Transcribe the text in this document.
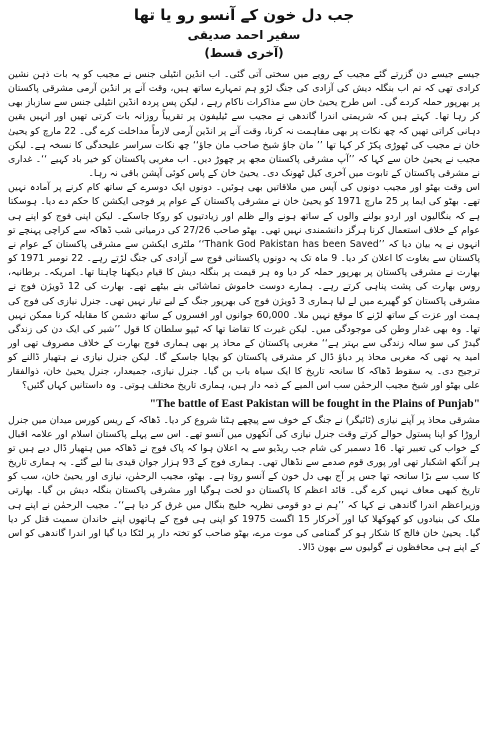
جب دل خون کے آنسو رو یا تھا
سفیر احمد صدیقی
(آخری قسط)

جیسے جیسے دن گزرتے گئے مجیب کے رویے میں سختی آتی گئی۔ اب انڈین انٹیلی جنس نے مجیب کو یہ بات ذہن نشین کرادی تھی کہ تم اب بنگلہ دیش کی آزادی کی جنگ لڑو ہم تمہارے ساتھ ہیں، وقت آنے پر انڈین آرمی مشرقی پاکستان پر بھرپور حملہ کردے گی۔ اس طرح یحییٰ خان سے مذاکرات ناکام رہے ، لیکن پس پردہ انڈین انٹیلی جنس سے سازباز بھی کر رہا تھا۔ کہتے ہیں کہ شریمتی اندرا گاندھی نے مجیب سے ٹیلیفون پر تقریباً روزانہ بات کرتی تھیں اور انہیں یقین دہانی کراتی تھیں کہ چھ نکات پر بھی مفاہمت نہ کرنا، وقت آنے پر انڈین آرمی لازماً مداخلت کرے گی۔ 22 مارچ کو یحییٰ خان نے مجیب کی ٹھوڑی پکڑ کر کہا تھا ’’ مان جاؤ شیخ صاحب مان جاؤ‘‘ چھ نکات سراسر علیحدگی کا نسخہ ہے۔ لیکن مجیب نے یحییٰ خان سے کہا کہ ’’آپ مشرقی پاکستان مجھ پر چھوڑ دیں۔ اب مغربی پاکستان کو خیر باد کہیے ‘‘۔ غداری نے مشرقی پاکستان کے تابوت میں آخری کیل ٹھونک دی۔ یحییٰ خان کے پاس کوئی آپشن باقی نہ رہا۔

اس وقت بھٹو اور مجیب دونوں کی آپس میں ملاقاتیں بھی ہوئیں۔ دونوں ایک دوسرے کے ساتھ کام کرنے پر آمادہ نہیں تھے۔ بھٹو کی ایما پر 25 مارچ 1971 کو یحییٰ خان نے مشرقی پاکستان کے عوام پر فوجی ایکشن کا حکم دے دیا۔ ہوسکتا ہے کہ بنگالیوں اور اردو بولنے والوں کے ساتھ ہونے والے ظلم اور زیادتیوں کو روکا جاسکے۔ لیکن اپنی فوج کو اپنے ہی عوام کے خلاف استعمال کرنا ہرگز دانشمندی نہیں تھی۔ بھٹو صاحب 27/26 کی درمیانی شب ڈھاکہ سے کراچی پہنچے تو انہوں نے یہ بیان دیا کہ ’’Thank God Pakistan has been Saved‘‘ ملٹری ایکشن سے مشرقی پاکستان کے عوام نے پاکستان سے بغاوت کا اعلان کر دیا۔ 9 ماہ تک یہ دونوں پاکستانی فوج سے آزادی کی جنگ لڑتے رہے۔ 22 نومبر 1971 کو بھارت نے مشرقی پاکستان پر بھرپور حملہ کر دیا وہ ہر قیمت پر بنگلہ دیش کا قیام دیکھنا چاہتا تھا۔ امریکہ۔ برطانیہ، روس بھارت کی پشت پناہی کرتے رہے۔ ہمارے دوست خاموش تماشائی بنے بیٹھے تھے۔ بھارت کی 12 ڈویژن فوج نے مشرقی پاکستان کو گھیرے میں لے لیا ہماری 3 ڈویژن فوج کی بھرپور جنگ کے لیے تیار نہیں تھی۔ جنرل نیازی کی فوج کی ہمت اور عزت کے ساتھ لڑنے کا موقع نہیں ملا۔ 60,000 جوانوں اور افسروں کے ساتھ دشمن کا مقابلہ کرنا ممکن نہیں تھا۔ وہ بھی غدار وطن کی موجودگی میں۔ لیکن غیرت کا تقاضا تھا کہ ٹیپو سلطان کا قول ’’شیر کی ایک دن کی زندگی گیدڑ کی سو سالہ زندگی سے بہتر ہے‘‘ مغربی پاکستان کے محاذ پر بھی ہماری فوج بھارت کے خلاف مصروف تھی اور امید یہ تھی کہ مغربی محاذ پر دباؤ ڈال کر مشرقی پاکستان کو بچایا جاسکے گا۔ لیکن جنرل نیازی نے ہتھیار ڈالنے کو ترجیح دی۔ یہ سقوط ڈھاکہ کا سانحہ تاریخ کا ایک سیاہ باب بن گیا۔ جنرل نیازی، جمیعدار، جنرل یحییٰ خان، ذوالفقار علی بھٹو اور شیخ مجیب الرحمٰن سب اس المیے کے ذمہ دار ہیں، ہماری تاریخ مختلف ہوتی۔ وہ داستانیں کہاں گئیں؟

"The battle of East Pakistan will be fought in the Plains of Punjab"

مشرقی محاذ پر آپنے نیازی (ٹائیگر) نے جنگ کے خوف سے پیچھے ہٹنا شروع کر دیا۔ ڈھاکہ کے ریس کورس میدان میں جنرل اروڑا کو اپنا پستول حوالے کرتے وقت جنرل نیازی کی آنکھوں میں آنسو تھے۔ اس سے پہلے پاکستان اسلام اور علامہ اقبال کے خواب کی تعبیر تھا۔ 16 دسمبر کی شام جب ریڈیو سے یہ اعلان ہوا کہ پاک فوج نے ڈھاکہ میں ہتھیار ڈال دیے ہیں تو ہر آنکھ اشکبار تھی اور پوری قوم صدمے سے نڈھال تھی۔ ہماری فوج کے 93 ہزار جوان قیدی بنا لیے گئے۔ یہ ہماری تاریخ کا سب سے بڑا سانحہ تھا جس پر آج بھی دل خون کے آنسو روتا ہے۔ بھٹو، مجیب الرحمٰن، نیازی اور یحییٰ خان، سب کو تاریخ کبھی معاف نہیں کرے گی۔ قائد اعظم کا پاکستان دو لخت ہوگیا اور مشرقی پاکستان بنگلہ دیش بن گیا۔ بھارتی وزیراعظم اندرا گاندھی نے کہا کہ ’’ہم نے دو قومی نظریہ خلیج بنگال میں غرق کر دیا ہے‘‘۔ مجیب الرحمٰن نے اپنے ہی ملک کی بنیادوں کو کھوکھلا کیا اور آخرکار 15 اگست 1975 کو اپنی ہی فوج کے ہاتھوں اپنے خاندان سمیت قتل کر دیا گیا۔ یحییٰ خان فالج کا شکار ہو کر گمنامی کی موت مرے، بھٹو صاحب کو تختہ دار پر لٹکا دیا گیا اور اندرا گاندھی کو اس کے اپنے ہی محافظوں نے گولیوں سے بھون ڈالا۔
